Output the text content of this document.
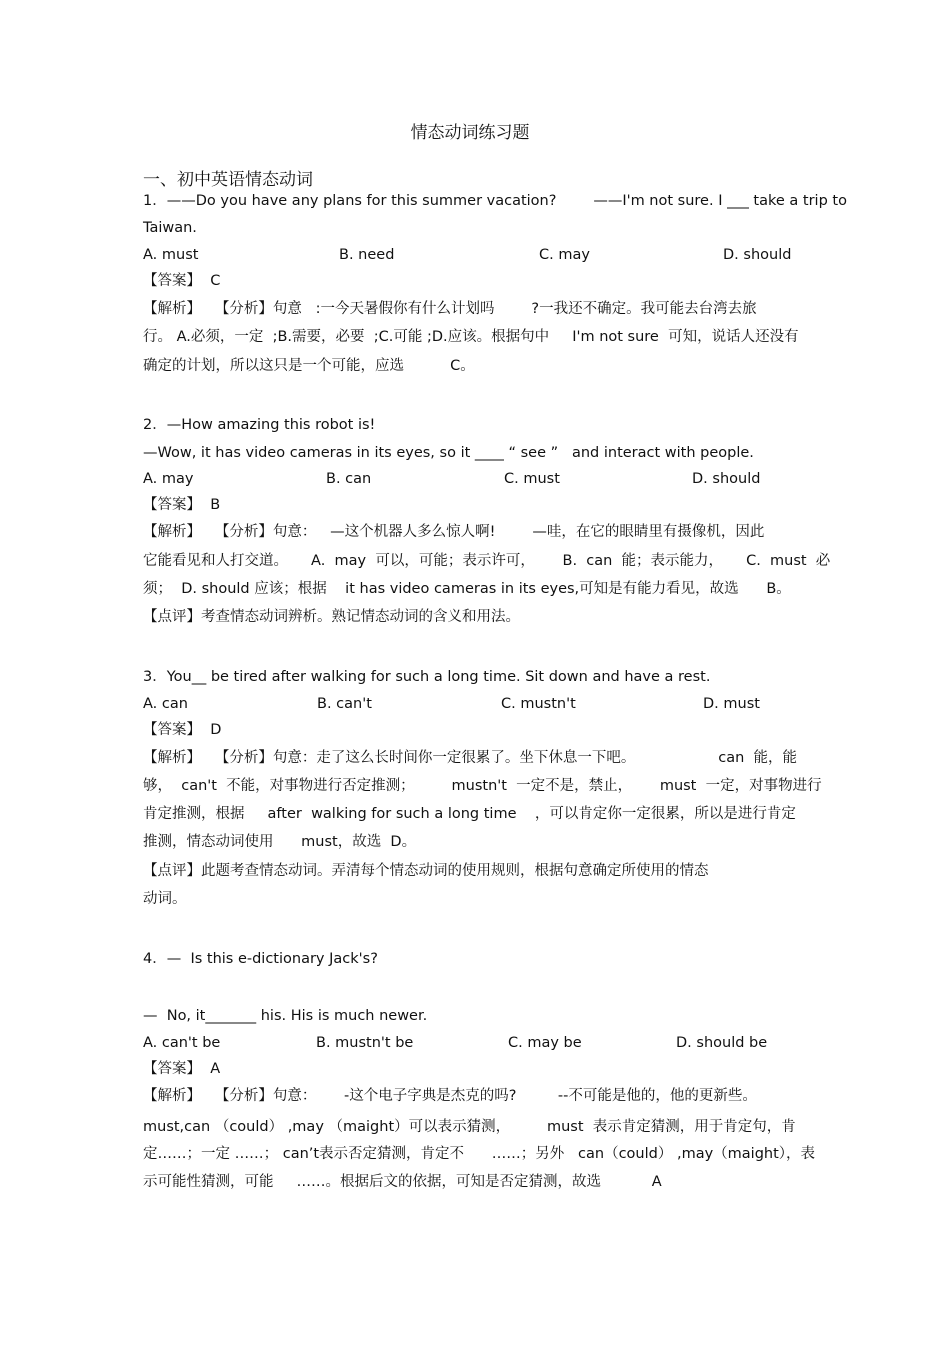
情态动词练习题
一、初中英语情态动词
1．——Do you have any plans for this summer vacation?        ——I'm not sure. I ___ take a trip to
Taiwan.
A. must	B. need	C. may	D. should
【答案】  C
【解析】   【分析】句意   :一今天暑假你有什么计划吗        ?一我还不确定。我可能去台湾去旅
行。 A.必须，一定  ;B.需要，必要  ;C.可能 ;D.应该。根据句中     I'm not sure  可知，说话人还没有
确定的计划，所以这只是一个可能，应选          C。
2．—How amazing this robot is!
—Wow, it has video cameras in its eyes, so it ____ “ see ”   and interact with people.
A. may	B. can	C. must	D. should
【答案】  B
【解析】   【分析】句意：   —这个机器人多么惊人啊!        —哇，在它的眼睛里有摄像机，因此
它能看见和人打交道。     A.  may  可以，可能；表示许可，      B.  can  能；表示能力，     C.  must  必
须；  D. should 应该；根据    it has video cameras in its eyes,可知是有能力看见，故选      B。
【点评】考查情态动词辨析。熟记情态动词的含义和用法。
3．You__ be tired after walking for such a long time. Sit down and have a rest.
A. can	B. can't	C. mustn't	D. must
【答案】  D
【解析】   【分析】句意：走了这么长时间你一定很累了。坐下休息一下吧。                  can  能，能
够，  can't  不能，对事物进行否定推测；        mustn't  一定不是，禁止，      must  一定，对事物进行
肯定推测，根据     after  walking for such a long time    ，可以肯定你一定很累，所以是进行肯定
推测，情态动词使用      must，故选  D。
【点评】此题考查情态动词。弄清每个情态动词的使用规则，根据句意确定所使用的情态
动词。
4．—  Is this e-dictionary Jack's?
—  No, it_______ his. His is much newer.
A. can't be	B. mustn't be	C. may be	D. should be
【答案】  A
【解析】   【分析】句意：      -这个电子字典是杰克的吗?         --不可能是他的，他的更新些。
must,can （could） ,may （maight）可以表示猜测，        must  表示肯定猜测，用于肯定句，肯
定……；一定 ……； can’t表示否定猜测，肯定不      ……；另外   can（could） ,may（maight），表
示可能性猜测，可能     ……。根据后文的依据，可知是否定猜测，故选           A
